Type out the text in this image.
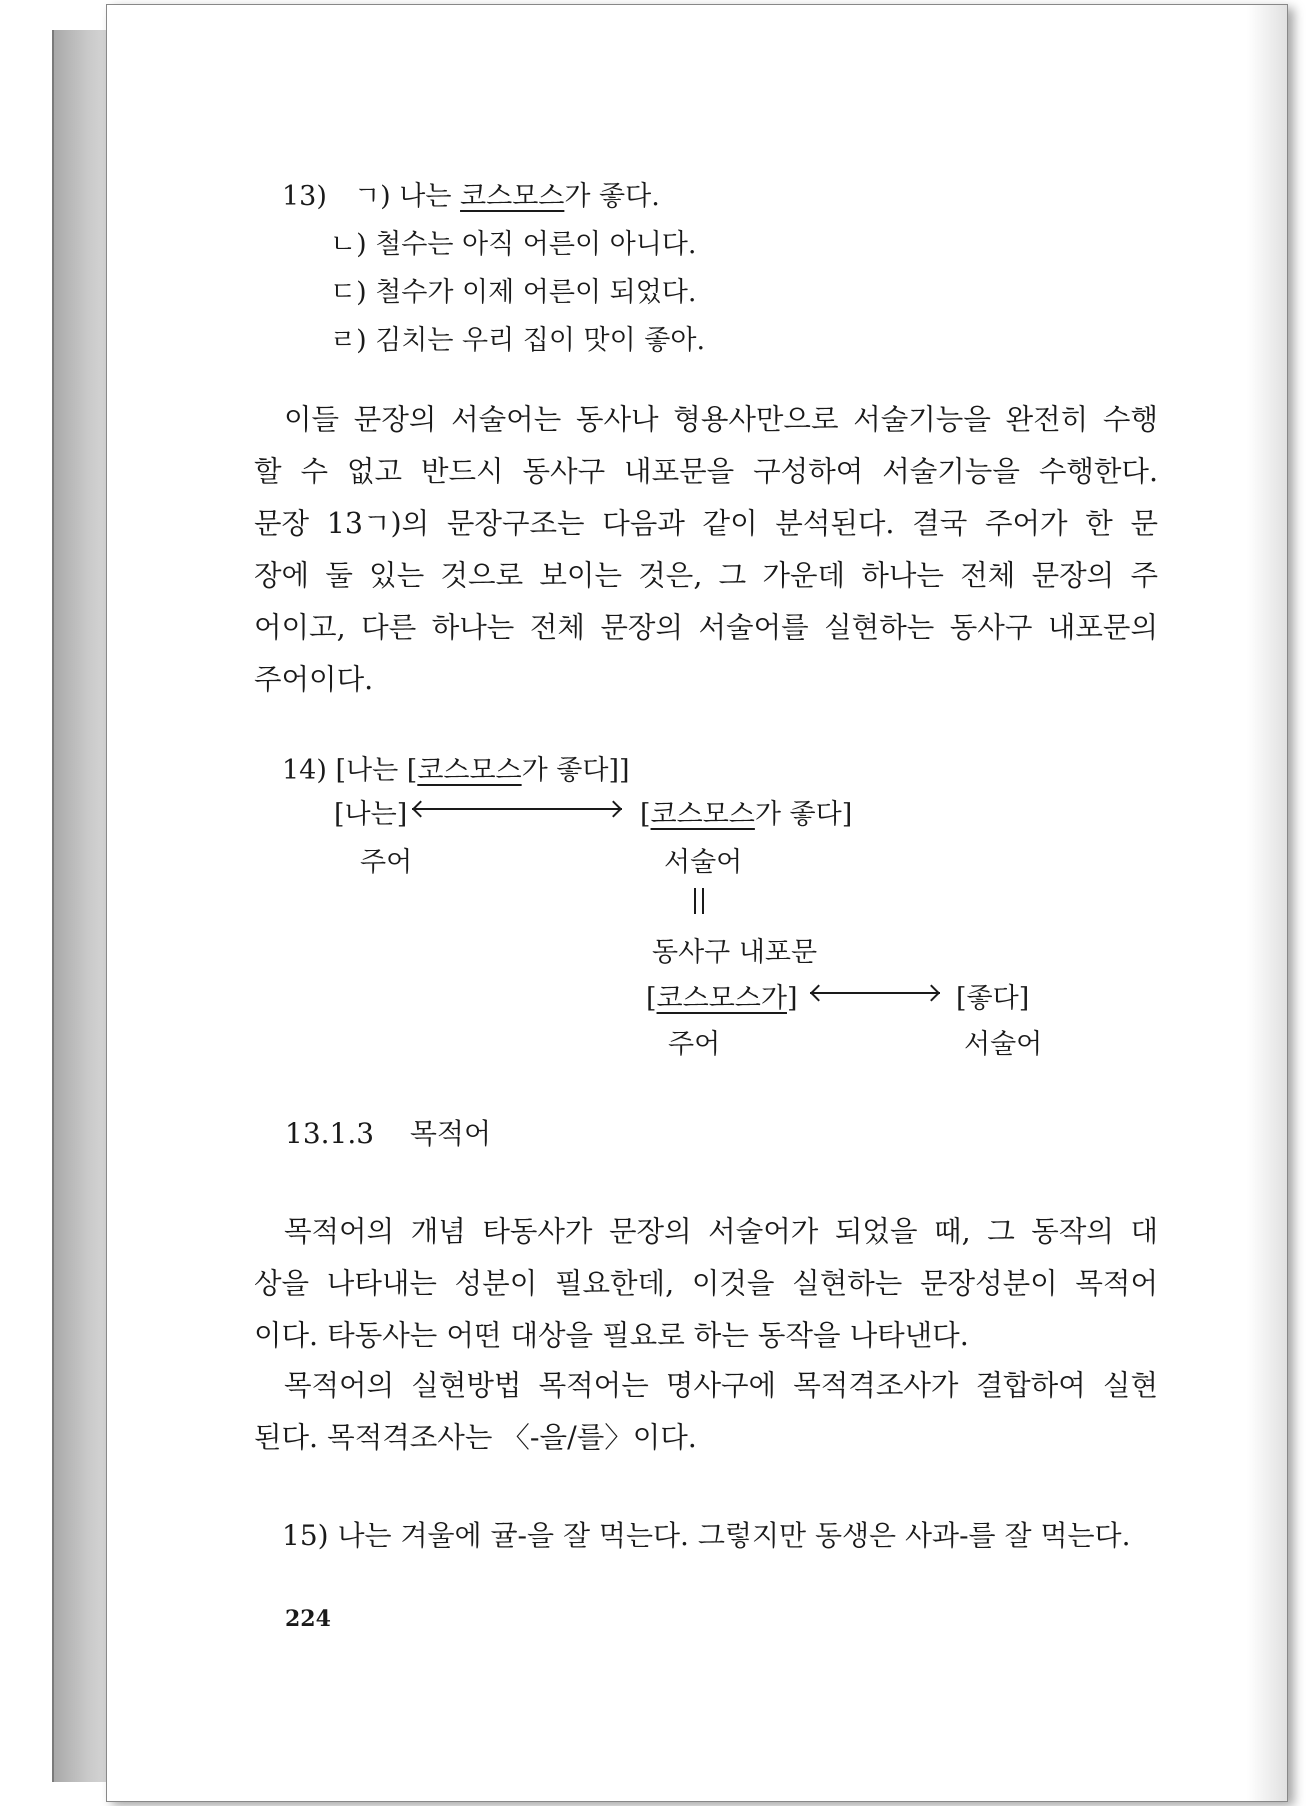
13) ㄱ) 나는 코스모스가 좋다.
ㄴ) 철수는 아직 어른이 아니다.
ㄷ) 철수가 이제 어른이 되었다.
ㄹ) 김치는 우리 집이 맛이 좋아.
이들 문장의 서술어는 동사나 형용사만으로 서술기능을 완전히 수행
할 수 없고 반드시 동사구 내포문을 구성하여 서술기능을 수행한다.
문장 13ㄱ)의 문장구조는 다음과 같이 분석된다. 결국 주어가 한 문
장에 둘 있는 것으로 보이는 것은, 그 가운데 하나는 전체 문장의 주
어이고, 다른 하나는 전체 문장의 서술어를 실현하는 동사구 내포문의
주어이다.
14) [나는 [코스모스가 좋다]]
[나는]	[코스모스가 좋다]
주어	서술어
동사구 내포문
[코스모스가]	[좋다]
주어	서술어
13.1.3 목적어
목적어의 개념 타동사가 문장의 서술어가 되었을 때, 그 동작의 대
상을 나타내는 성분이 필요한데, 이것을 실현하는 문장성분이 목적어
이다. 타동사는 어떤 대상을 필요로 하는 동작을 나타낸다.
목적어의 실현방법 목적어는 명사구에 목적격조사가 결합하여 실현
된다. 목적격조사는 〈-을/를〉이다.
15) 나는 겨울에 귤-을 잘 먹는다. 그렇지만 동생은 사과-를 잘 먹는다.
224
